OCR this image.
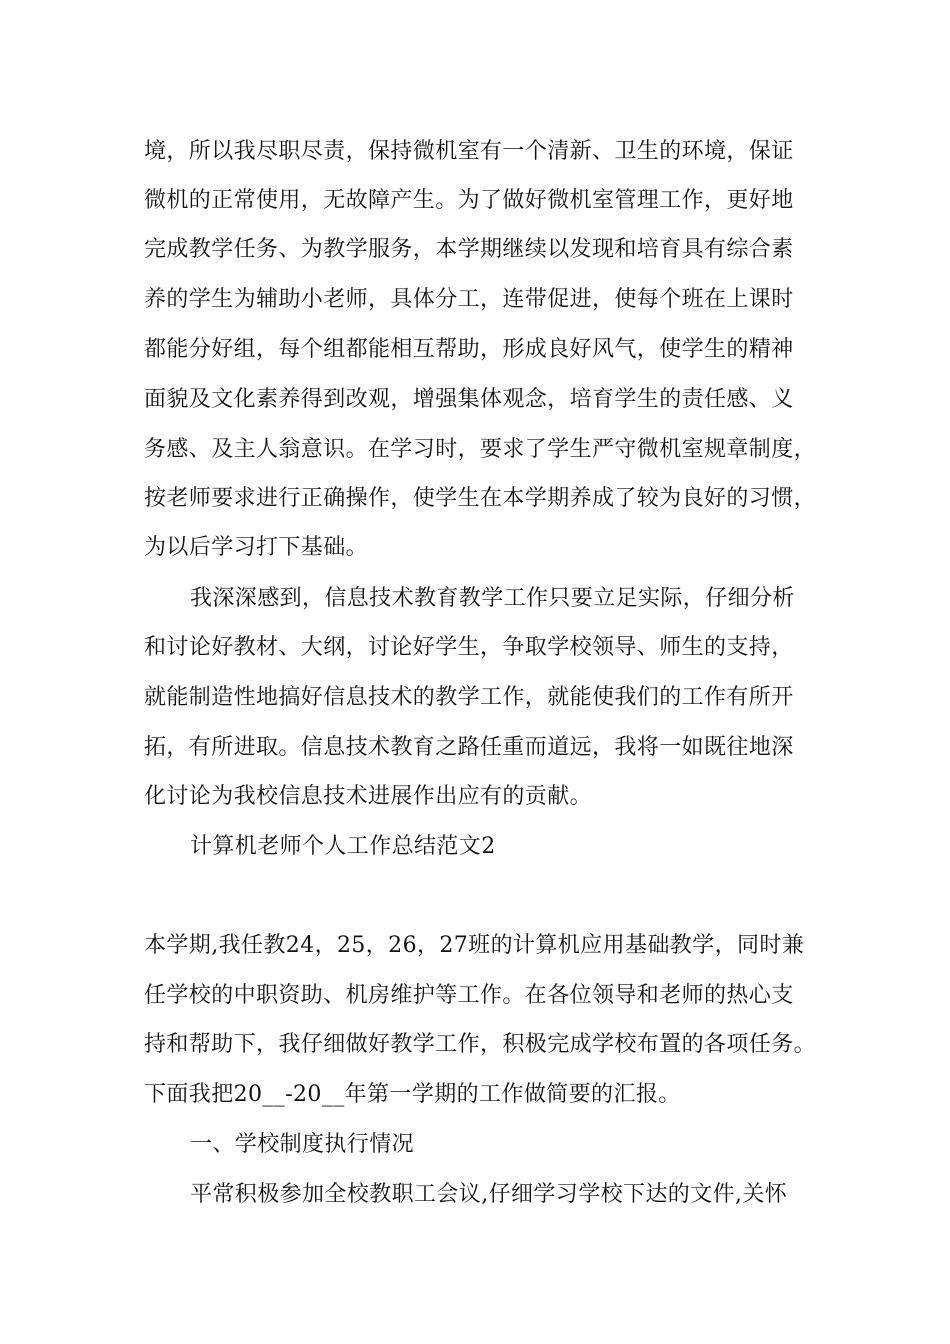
境，所以我尽职尽责，保持微机室有一个清新、卫生的环境，保证
微机的正常使用，无故障产生。为了做好微机室管理工作，更好地
完成教学任务、为教学服务，本学期继续以发现和培育具有综合素
养的学生为辅助小老师，具体分工，连带促进，使每个班在上课时
都能分好组，每个组都能相互帮助，形成良好风气，使学生的精神
面貌及文化素养得到改观，增强集体观念，培育学生的责任感、义
务感、及主人翁意识。在学习时，要求了学生严守微机室规章制度，
按老师要求进行正确操作，使学生在本学期养成了较为良好的习惯，
为以后学习打下基础。
我深深感到，信息技术教育教学工作只要立足实际，仔细分析
和讨论好教材、大纲，讨论好学生，争取学校领导、师生的支持，
就能制造性地搞好信息技术的教学工作，就能使我们的工作有所开
拓，有所进取。信息技术教育之路任重而道远，我将一如既往地深
化讨论为我校信息技术进展作出应有的贡献。
计算机老师个人工作总结范文2
本学期,我任教24，25，26，27班的计算机应用基础教学，同时兼
任学校的中职资助、机房维护等工作。在各位领导和老师的热心支
持和帮助下，我仔细做好教学工作，积极完成学校布置的各项任务。
下面我把20__-20__年第一学期的工作做简要的汇报。
一、学校制度执行情况
平常积极参加全校教职工会议,仔细学习学校下达的文件,关怀
